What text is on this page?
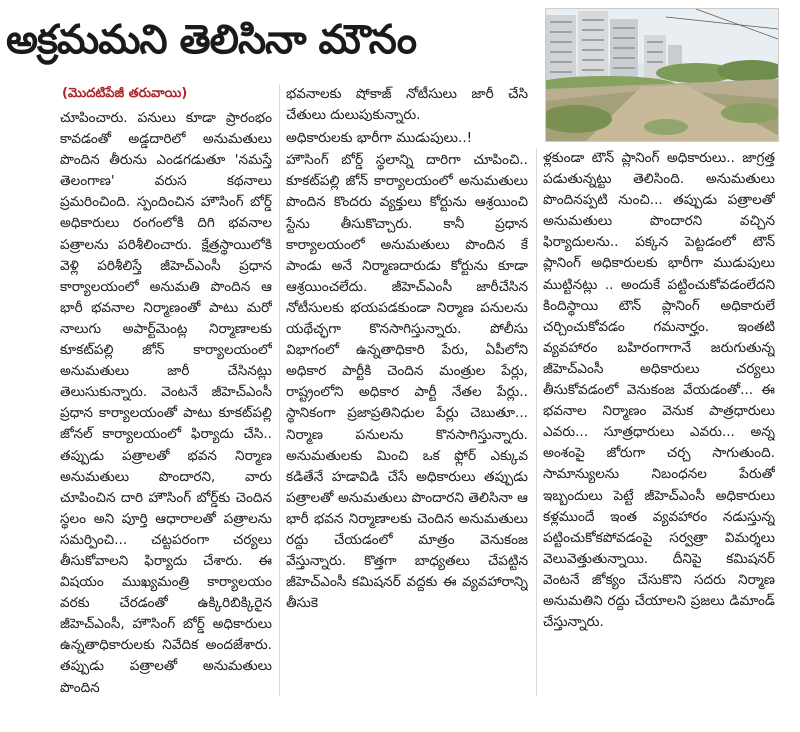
అక్రమమని తెలిసినా మౌనం
(మొదటిపేజీ తరువాయి)

చూపించారు. పనులు కూడా ప్రారంభం కావడంతో అడ్డదారిలో అనుమతులు పొందిన తీరును ఎండగడుతూ 'నమస్తే తెలంగాణ' వరుస కథనాలు ప్రమరించింది. స్పందించిన హౌసింగ్ బోర్డ్ అధికారులు రంగంలోకి దిగి భవనాల పత్రాలను పరిశీలించారు. క్షేత్రస్థాయిలోకి వెళ్లి పరిశీలిస్తే జీహెచ్ఎంసీ ప్రధాన కార్యాలయంలో అనుమతి పొందిన ఆ భారీ భవనాల నిర్మాణంతో పాటు మరో నాలుగు అపార్ట్‌మెంట్ల నిర్మాణాలకు కూకట్‌పల్లి జోన్ కార్యాలయంలో అనుమతులు జారీ చేసినట్లు తెలుసుకున్నారు. వెంటనే జీహెచ్ఎంసీ ప్రధాన కార్యాలయంతో పాటు కూకట్‌పల్లి జోనల్ కార్యాలయంలో ఫిర్యాదు చేసి.. తప్పుడు పత్రాలతో భవన నిర్మాణ అనుమతులు పొందారని, వారు చూపించిన దారి హౌసింగ్ బోర్డ్‌కు చెందిన స్థలం అని పూర్తి ఆధారాలతో పత్రాలను సమర్పించి... చట్టపరంగా చర్యలు తీసుకోవాలని ఫిర్యాదు చేశారు. ఈ విషయం ముఖ్యమంత్రి కార్యాలయం వరకు చేరడంతో ఉక్కిరిబిక్కిరైన జీహెచ్ఎంసీ, హౌసింగ్ బోర్డ్ అధికారులు ఉన్నతాధికారులకు నివేదిక అందజేశారు. తప్పుడు పత్రాలతో అనుమతులు పొందిన

భవనాలకు షోకాజ్ నోటీసులు జారీ చేసి చేతులు దులుపుకున్నారు.

అధికారులకు భారీగా ముడుపులు..!

హౌసింగ్ బోర్డ్ స్థలాన్ని దారిగా చూపించి.. కూకట్‌పల్లి జోన్ కార్యాలయంలో అనుమతులు పొందిన కొందరు వ్యక్తులు కోర్టును ఆశ్రయించి స్టేను తీసుకొచ్చారు. కానీ ప్రధాన కార్యాలయంలో అనుమతులు పొందిన కే పాండు అనే నిర్మాణదారుడు కోర్టును కూడా ఆశ్రయించలేదు. జీహెచ్ఎంసీ జారీచేసిన నోటీసులకు భయపడకుండా నిర్మాణ పనులను యథేచ్ఛగా కొనసాగిస్తున్నారు. పోలీసు విభాగంలో ఉన్నతాధికారి పేరు, ఏపీలోని అధికార పార్టీకి చెందిన మంత్రుల పేర్లు, రాష్ట్రంలోని అధికార పార్టీ నేతల పేర్లు.. స్థానికంగా ప్రజాప్రతినిధుల పేర్లు చెబుతూ... నిర్మాణ పనులను కొనసాగిస్తున్నారు. అనుమతులకు మించి ఒక ఫ్లోర్ ఎక్కువ కడితేనే హడావిడి చేసే అధికారులు తప్పుడు పత్రాలతో అనుమతులు పొందారని తెలిసినా ఆ భారీ భవన నిర్మాణాలకు చెందిన అనుమతులు రద్దు చేయడంలో మాత్రం వెనుకంజ వేస్తున్నారు. కొత్తగా బాధ్యతలు చేపట్టిన జీహెచ్ఎంసీ కమిషనర్ వద్దకు ఈ వ్యవహారాన్ని తీసుకె

ళ్లకుండా టౌన్ ప్లానింగ్ అధికారులు.. జాగ్రత్త పడుతున్నట్టు తెలిసింది. అనుమతులు పొందినప్పటి నుంచి... తప్పుడు పత్రాలతో అనుమతులు పొందారని వచ్చిన ఫిర్యాదులను.. పక్కన పెట్టడంలో టౌన్ ప్లానింగ్ అధికారులకు భారీగా ముడుపులు ముట్టినట్లు .. అందుకే పట్టించుకోవడంలేదని కిందిస్థాయి టౌన్ ప్లానింగ్ అధికారులే చర్చించుకోవడం గమనార్హం. ఇంతటి వ్యవహారం బహిరంగాగానే జరుగుతున్న జీహెచ్ఎంసీ అధికారులు చర్యలు తీసుకోవడంలో వెనుకంజ వేయడంతో... ఈ భవనాల నిర్మాణం వెనుక పాత్రధారులు ఎవరు... సూత్రధారులు ఎవరు... అన్న అంశంపై జోరుగా చర్చ సాగుతుంది. సామాన్యులను నిబంధనల పేరుతో ఇబ్బందులు పెట్టే జీహెచ్ఎంసీ అధికారులు కళ్లముందే ఇంత వ్యవహారం నడుస్తున్న పట్టించుకోకపోవడంపై సర్వత్రా విమర్శలు వెలువెత్తుతున్నాయి. దీనిపై కమిషనర్ వెంటనే జోక్యం చేసుకొని సదరు నిర్మాణ అనుమతిని రద్దు చేయాలని ప్రజలు డిమాండ్ చేస్తున్నారు.
